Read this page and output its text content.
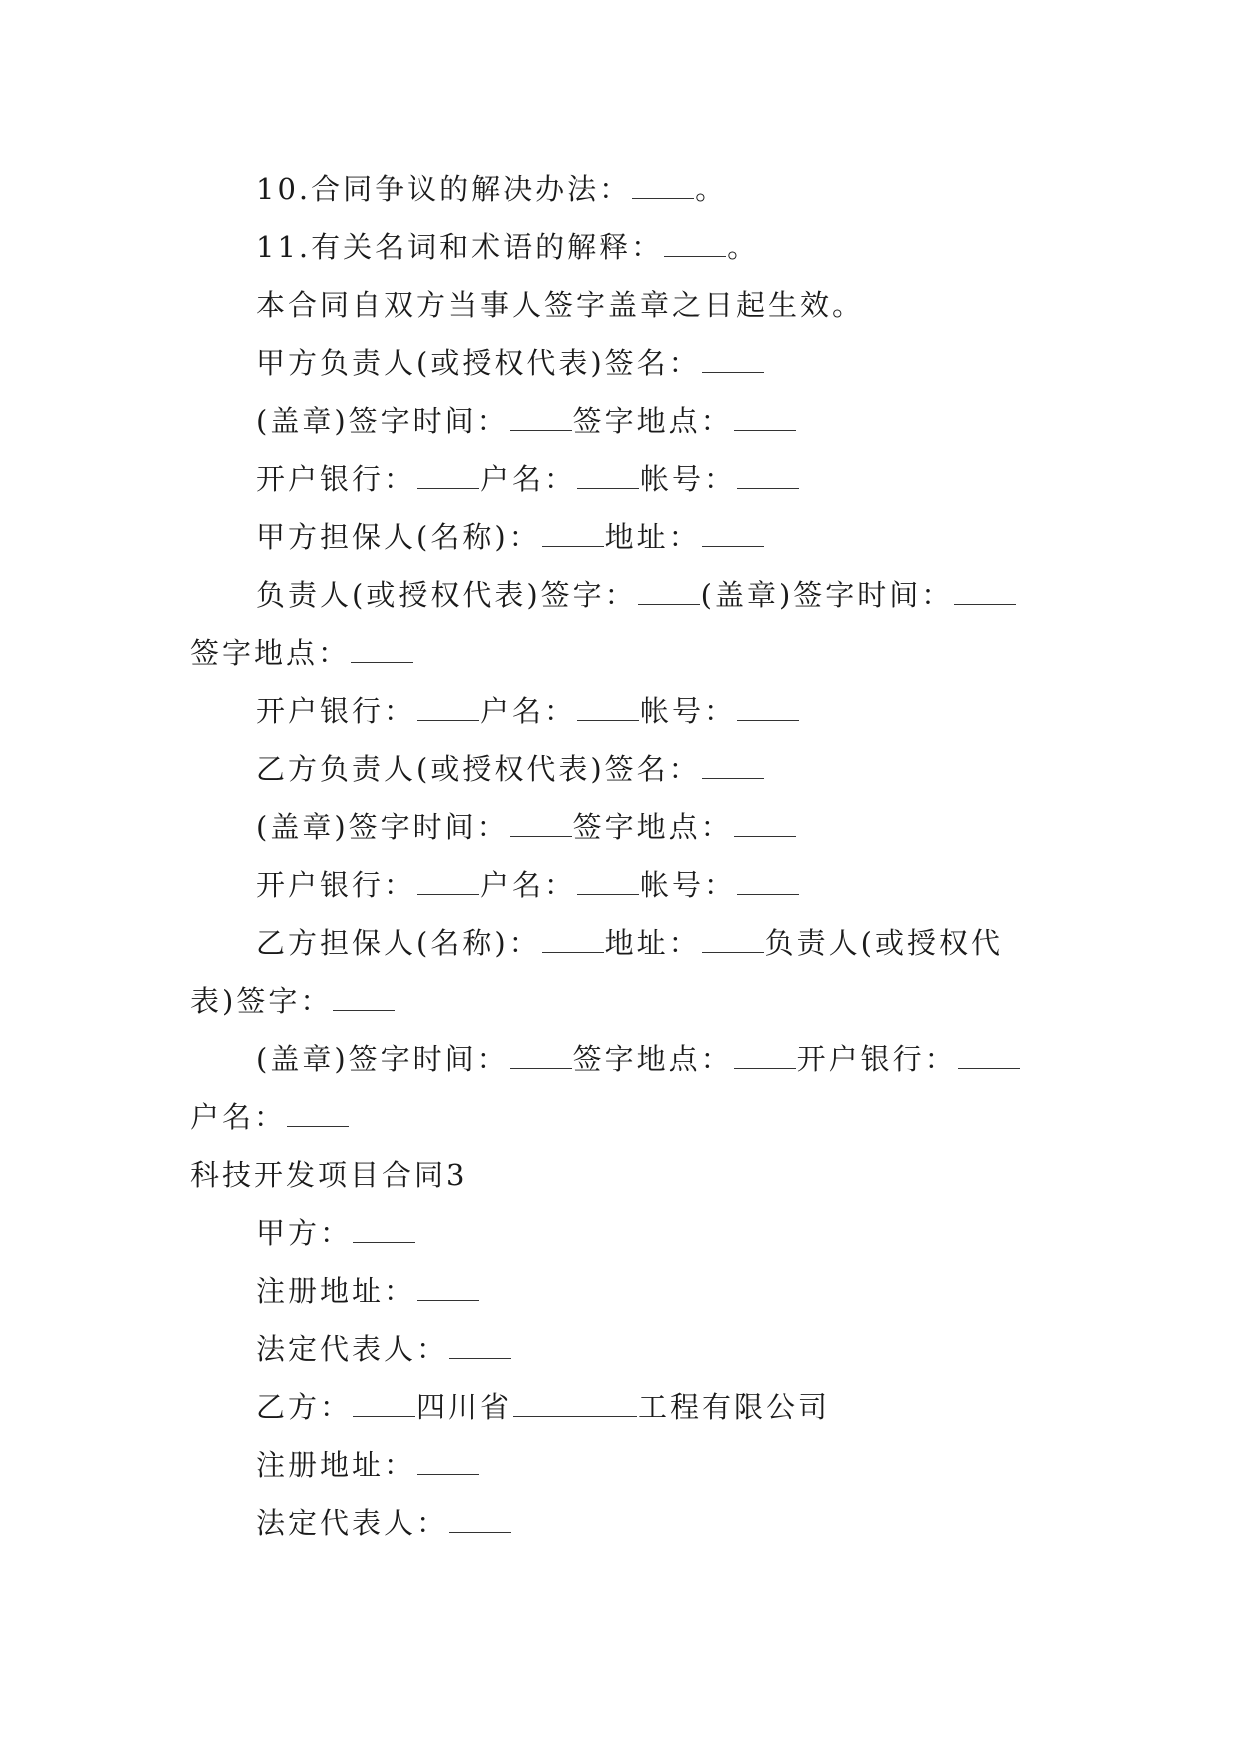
10.合同争议的解决办法： 。
11.有关名词和术语的解释： 。
本合同自双方当事人签字盖章之日起生效。
甲方负责人(或授权代表)签名：
(盖章)签字时间： 签字地点：
开户银行： 户名： 帐号：
甲方担保人(名称)： 地址：
负责人(或授权代表)签字： (盖章)签字时间：
签字地点：
开户银行： 户名： 帐号：
乙方负责人(或授权代表)签名：
(盖章)签字时间： 签字地点：
开户银行： 户名： 帐号：
乙方担保人(名称)： 地址： 负责人(或授权代
表)签字：
(盖章)签字时间： 签字地点： 开户银行：
户名：
科技开发项目合同3
甲方：
注册地址：
法定代表人：
乙方： 四川省	工程有限公司
注册地址：
法定代表人：
